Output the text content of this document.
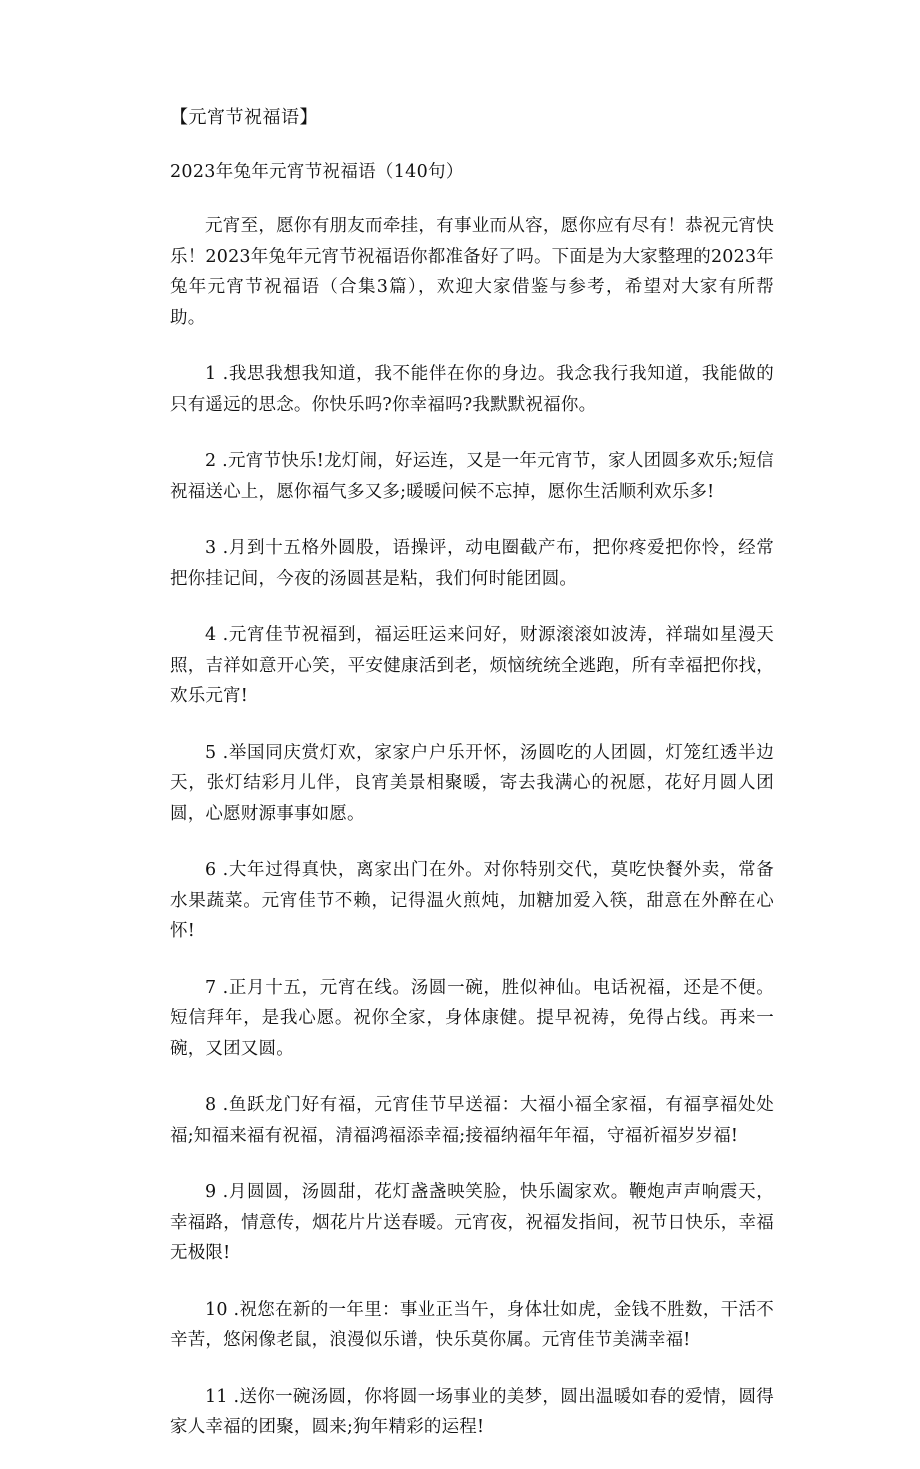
【元宵节祝福语】
2023年兔年元宵节祝福语（140句）

元宵至，愿你有朋友而牵挂，有事业而从容，愿你应有尽有！恭祝元宵快乐！2023年兔年元宵节祝福语你都准备好了吗。下面是为大家整理的2023年兔年元宵节祝福语（合集3篇），欢迎大家借鉴与参考，希望对大家有所帮助。

1 .我思我想我知道，我不能伴在你的身边。我念我行我知道，我能做的只有遥远的思念。你快乐吗?你幸福吗?我默默祝福你。

2 .元宵节快乐!龙灯闹，好运连，又是一年元宵节，家人团圆多欢乐;短信祝福送心上，愿你福气多又多;暖暖问候不忘掉，愿你生活顺利欢乐多!

3 .月到十五格外圆股，语操评，动电圈截产布，把你疼爱把你怜，经常把你挂记间，今夜的汤圆甚是粘，我们何时能团圆。

4 .元宵佳节祝福到，福运旺运来问好，财源滚滚如波涛，祥瑞如星漫天照，吉祥如意开心笑，平安健康活到老，烦恼统统全逃跑，所有幸福把你找，欢乐元宵!

5 .举国同庆赏灯欢，家家户户乐开怀，汤圆吃的人团圆，灯笼红透半边天，张灯结彩月儿伴，良宵美景相聚暖，寄去我满心的祝愿，花好月圆人团圆，心愿财源事事如愿。

6 .大年过得真快，离家出门在外。对你特别交代，莫吃快餐外卖，常备水果蔬菜。元宵佳节不赖，记得温火煎炖，加糖加爱入筷，甜意在外醉在心怀!

7 .正月十五，元宵在线。汤圆一碗，胜似神仙。电话祝福，还是不便。短信拜年，是我心愿。祝你全家，身体康健。提早祝祷，免得占线。再来一碗，又团又圆。

8 .鱼跃龙门好有福，元宵佳节早送福：大福小福全家福，有福享福处处福;知福来福有祝福，清福鸿福添幸福;接福纳福年年福，守福祈福岁岁福!

9 .月圆圆，汤圆甜，花灯盏盏映笑脸，快乐阖家欢。鞭炮声声响震天，幸福路，情意传，烟花片片送春暖。元宵夜，祝福发指间，祝节日快乐，幸福无极限!

10 .祝您在新的一年里：事业正当午，身体壮如虎，金钱不胜数，干活不辛苦，悠闲像老鼠，浪漫似乐谱，快乐莫你属。元宵佳节美满幸福!

11 .送你一碗汤圆，你将圆一场事业的美梦，圆出温暖如春的爱情，圆得家人幸福的团聚，圆来;狗年精彩的运程!
